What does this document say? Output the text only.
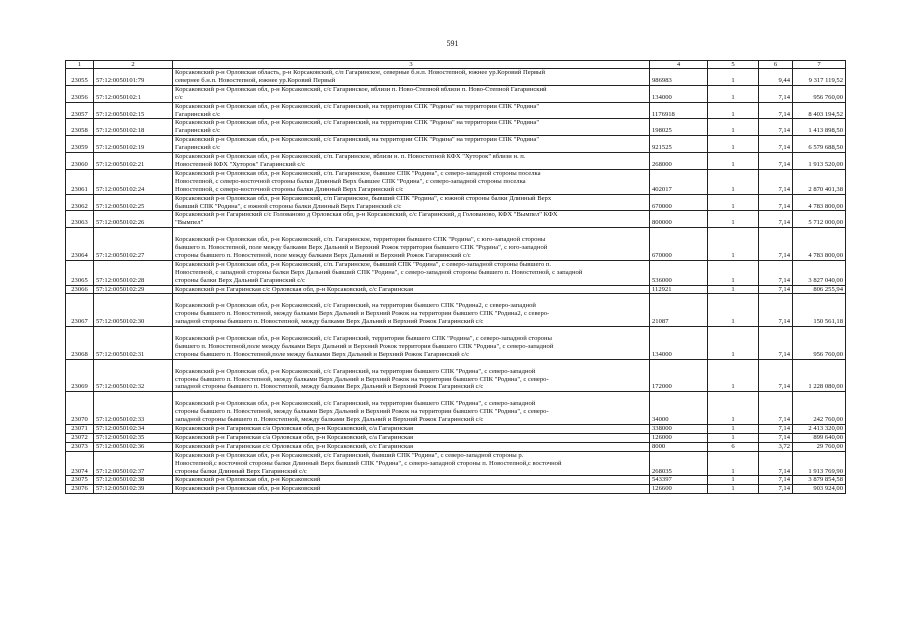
591
1	2	3	4	5	6	7
23055	57:12:0050101:79	Корсаковский р-н Орловская область, р-н Корсаковский, с/п Гагаринское, северные б.н.п. Новостепной, южнее ур.Коровий Первый
севернее б.н.п. Новостепной, южнее ур.Коровий Первый	986983	1	9,44	9 317 119,52
23056	57:12:0050102:1	Корсаковский р-н Орловская обл, р-н Корсаковский, с/с Гагаринское, вблизи п. Ново-Степной вблизи п. Ново-Степной Гагаринский
с/с	134000	1	7,14	956 760,00
23057	57:12:0050102:15	Корсаковский р-н Орловская обл, р-н Корсаковский, с/с Гагаринский, на территории СПК "Родина" на территории СПК "Родина"
Гагаринский с/с	1176918	1	7,14	8 403 194,52
23058	57:12:0050102:18	Корсаковский р-н Орловская обл, р-н Корсаковский, с/с Гагаринский, на территории СПК "Родина" на территории СПК "Родина"
Гагаринский с/с	198025	1	7,14	1 413 898,50
23059	57:12:0050102:19	Корсаковский р-н Орловская обл, р-н Корсаковский, с/с Гагаринский, на территории СПК "Родина" на территории СПК "Родина"
Гагаринский с/с	921525	1	7,14	6 579 688,50
23060	57:12:0050102:21	Корсаковский р-н Орловская обл, р-н Корсаковский, с/п. Гагаринское, вблизи н. п. Новостепной КФХ "Хуторок" вблизи н. п.
Новостепной КФХ "Хуторок" Гагаринский с/с	268000	1	7,14	1 913 520,00
23061	57:12:0050102:24	Корсаковский р-н Орловская обл, р-н Корсаковский, с/п. Гагаринское, бывшее СПК "Родина", с северо-западной стороны поселка
Новостепной, с северо-восточной стороны балки Длинный Верх бывшее СПК "Родина", с северо-западной стороны поселка
Новостепной, с северо-восточной стороны балки Длинный Верх Гагаринский с/с	402017	1	7,14	2 870 401,38
23062	57:12:0050102:25	Корсаковский р-н Орловская обл, р-н Корсаковский, с/п Гагаринское, бывший СПК "Родина", с южной стороны балки Длинный Верх
бывший СПК "Родина", с южной стороны балки Длинный Верх Гагаринский с/с	670000	1	7,14	4 783 800,00
23063	57:12:0050102:26	Корсаковский р-н Гагаринский с/с Голованово д Орловская обл, р-н Корсаковский, с/с Гагаринский, д Голованово, КФХ "Вымпел" КФХ
"Вымпел"	800000	1	7,14	5 712 000,00
23064	57:12:0050102:27	Корсаковский р-н Орловская обл, р-н Корсаковский, с/п. Гагаринское, территория бывшего СПК "Родина", с юго-западной стороны
бывшего п. Новостепной, поле между балками Верх Дальний и Верхний Рожок территория бывшего СПК "Родина", с юго-западной
стороны бывшего п. Новостепной, поле между балками Верх Дальний и Верхний Рожок Гагаринский с/с	670000	1	7,14	4 783 800,00
23065	57:12:0050102:28	Корсаковский р-н Орловская обл, р-н Корсаковский, с/п. Гагаринское, бывший СПК "Родина", с северо-западной стороны бывшего п.
Новостепной, с западной стороны балки Верх Дальний бывший СПК "Родина", с северо-западной стороны бывшего п. Новостепной, с западной
стороны балки Верх Дальний Гагаринский с/с	536000	1	7,14	3 827 040,00
23066	57:12:0050102:29	Корсаковский р-н Гагаринская с/с Орловская обл, р-н Корсаковский, с/с Гагаринская	112921	1	7,14	806 255,94
23067	57:12:0050102:30	Корсаковский р-н Орловская обл, р-н Корсаковский, с/с Гагаринский, на территории бывшего СПК "Родина2, с северо-западной
стороны бывшего п. Новостепной, между балками Верх Дальний и Верхний Рожок на территории бывшего СПК "Родина2, с северо-
западной стороны бывшего п. Новостепной, между балками Верх Дальний и Верхний Рожок Гагаринский с/с	21087	1	7,14	150 561,18
23068	57:12:0050102:31	Корсаковский р-н Орловская обл, р-н Корсаковский, с/с Гагаринский, территория бывшего СПК "Родина", с северо-западной стороны
бывшего п. Новостепной,поле между балками Верх Дальний и Верхний Рожок территория бывшего СПК "Родина", с северо-западной
стороны бывшего п. Новостепной,поле между балками Верх Дальний и Верхний Рожок Гагаринский с/с	134000	1	7,14	956 760,00
23069	57:12:0050102:32	Корсаковский р-н Орловская обл, р-н Корсаковский, с/с Гагаринский, на территории бывшего СПК "Родина", с северо-западной
стороны бывшего п. Новостепной, между балками Верх Дальний и Верхний Рожок на территории бывшего СПК "Родина", с северо-
западной стороны бывшего п. Новостепной, между балками Верх Дальний и Верхний Рожок Гагаринский с/с	172000	1	7,14	1 228 080,00
23070	57:12:0050102:33	Корсаковский р-н Орловская обл, р-н Корсаковский, с/с Гагаринский, на территории бывшего СПК "Родина", с северо-западной
стороны бывшего п. Новостепной, между балками Верх Дальний и Верхний Рожок на территории бывшего СПК "Родина", с северо-
западной стороны бывшего п. Новостепной, между балками Верх Дальний и Верхний Рожок Гагаринский с/с	34000	1	7,14	242 760,00
23071	57:12:0050102:34	Корсаковский р-н Гагаринская с/а Орловская обл, р-н Корсаковский, с/а Гагаринская	338000	1	7,14	2 413 320,00
23072	57:12:0050102:35	Корсаковский р-н Гагаринская с/а Орловская обл, р-н Корсаковский, с/а Гагаринская	126000	1	7,14	899 640,00
23073	57:12:0050102:36	Корсаковский р-н Гагаринская с/с Орловская обл, р-н Корсаковский, с/с Гагаринская	8000	6	3,72	29 760,00
23074	57:12:0050102:37	Корсаковский р-н Орловская обл, р-н Корсаковский, с/с Гагаринский, бывший СПК "Родина", с северо-западной стороны р.
Новостепной,с восточной стороны балки Длинный Верх бывший СПК "Родина", с северо-западной стороны п. Новостепной,с восточной
стороны балки Длинный Верх Гагаринский с/с	268035	1	7,14	1 913 769,90
23075	57:12:0050102:38	Корсаковский р-н Орловская обл, р-н Корсаковский	543397	1	7,14	3 879 854,58
23076	57:12:0050102:39	Корсаковский р-н Орловская обл, р-н Корсаковский	126600	1	7,14	903 924,00
